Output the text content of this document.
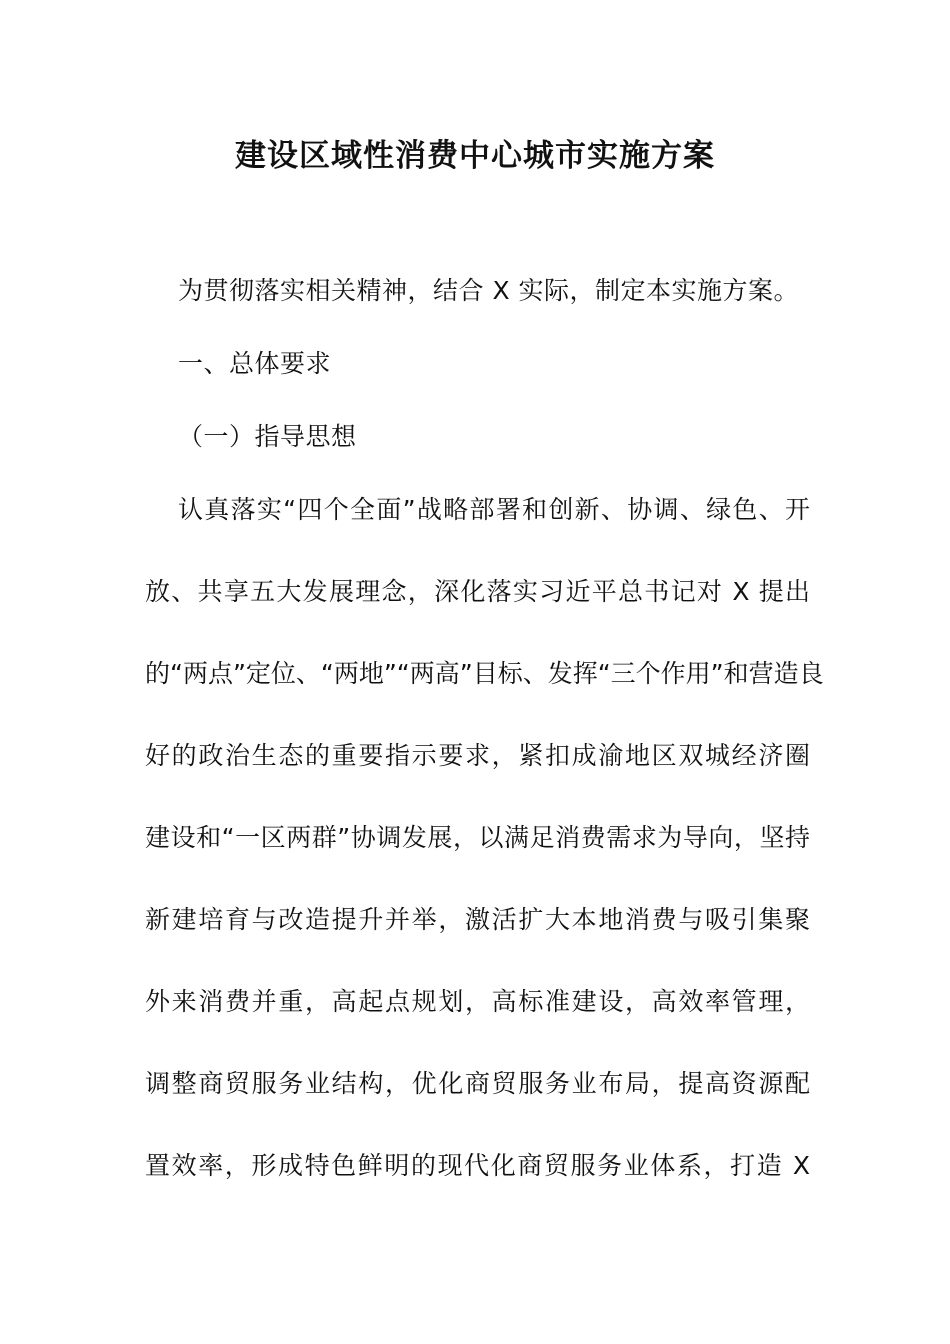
建设区域性消费中心城市实施方案
为贯彻落实相关精神，结合 X 实际，制定本实施方案。
一、总体要求
（一）指导思想
认真落实“四个全面”战略部署和创新、协调、绿色、开
放、共享五大发展理念，深化落实习近平总书记对 X 提出
的“两点”定位、“两地”“两高”目标、发挥“三个作用”和营造良
好的政治生态的重要指示要求，紧扣成渝地区双城经济圈
建设和“一区两群”协调发展，以满足消费需求为导向，坚持
新建培育与改造提升并举，激活扩大本地消费与吸引集聚
外来消费并重，高起点规划，高标准建设，高效率管理，
调整商贸服务业结构，优化商贸服务业布局，提高资源配
置效率，形成特色鲜明的现代化商贸服务业体系，打造 X
